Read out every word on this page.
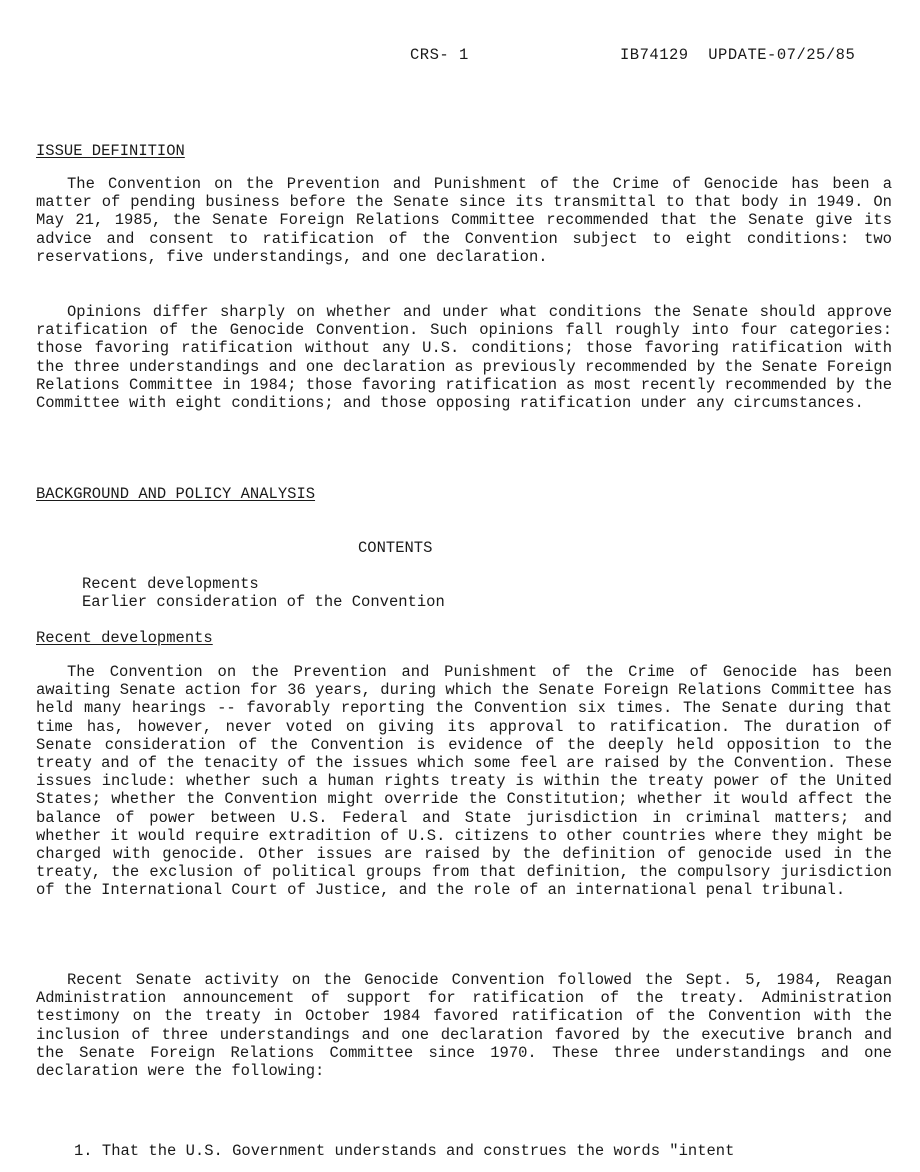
CRS- 1	IB74129 UPDATE-07/25/85
ISSUE DEFINITION
The Convention on the Prevention and Punishment of the Crime of Genocide has been a matter of pending business before the Senate since its transmittal to that body in 1949. On May 21, 1985, the Senate Foreign Relations Committee recommended that the Senate give its advice and consent to ratification of the Convention subject to eight conditions: two reservations, five understandings, and one declaration.
Opinions differ sharply on whether and under what conditions the Senate should approve ratification of the Genocide Convention. Such opinions fall roughly into four categories: those favoring ratification without any U.S. conditions; those favoring ratification with the three understandings and one declaration as previously recommended by the Senate Foreign Relations Committee in 1984; those favoring ratification as most recently recommended by the Committee with eight conditions; and those opposing ratification under any circumstances.
BACKGROUND AND POLICY ANALYSIS
CONTENTS
Recent developments
Earlier consideration of the Convention
Recent developments
The Convention on the Prevention and Punishment of the Crime of Genocide has been awaiting Senate action for 36 years, during which the Senate Foreign Relations Committee has held many hearings -- favorably reporting the Convention six times. The Senate during that time has, however, never voted on giving its approval to ratification. The duration of Senate consideration of the Convention is evidence of the deeply held opposition to the treaty and of the tenacity of the issues which some feel are raised by the Convention. These issues include: whether such a human rights treaty is within the treaty power of the United States; whether the Convention might override the Constitution; whether it would affect the balance of power between U.S. Federal and State jurisdiction in criminal matters; and whether it would require extradition of U.S. citizens to other countries where they might be charged with genocide. Other issues are raised by the definition of genocide used in the treaty, the exclusion of political groups from that definition, the compulsory jurisdiction of the International Court of Justice, and the role of an international penal tribunal.
Recent Senate activity on the Genocide Convention followed the Sept. 5, 1984, Reagan Administration announcement of support for ratification of the treaty. Administration testimony on the treaty in October 1984 favored ratification of the Convention with the inclusion of three understandings and one declaration favored by the executive branch and the Senate Foreign Relations Committee since 1970. These three understandings and one declaration were the following:
1. That the U.S. Government understands and construes the words "intent
